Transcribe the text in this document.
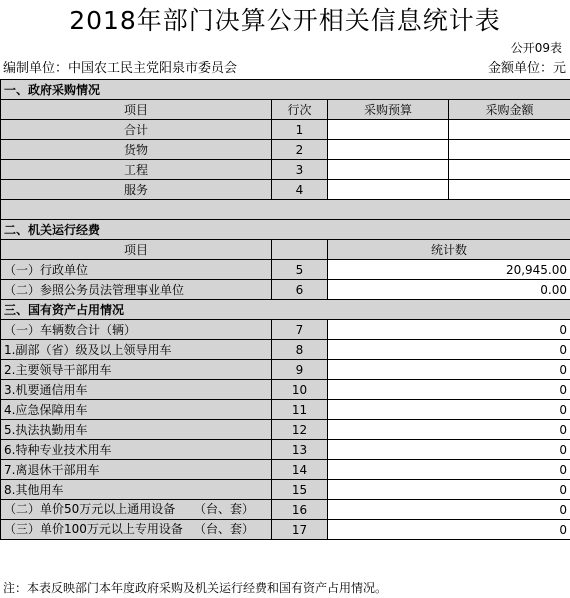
2018年部门决算公开相关信息统计表
公开09表
编制单位：中国农工民主党阳泉市委员会	金额单位：元
一、政府采购情况			
项目	行次	采购预算	采购金额
合计	1		
货物	2		
工程	3		
服务	4		

二、机关运行经费			
项目		统计数	
（一）行政单位	5	20,945.00	
（二）参照公务员法管理事业单位	6	0.00	
三、国有资产占用情况			
（一）车辆数合计（辆）	7	0	
1.副部（省）级及以上领导用车	8	0	
2.主要领导干部用车	9	0	
3.机要通信用车	10	0	
4.应急保障用车	11	0	
5.执法执勤用车	12	0	
6.特种专业技术用车	13	0	
7.离退休干部用车	14	0	
8.其他用车	15	0	
（二）单价50万元以上通用设备 （台、套）	16	0	
（三）单价100万元以上专用设备 （台、套）	17	0	
注：本表反映部门本年度政府采购及机关运行经费和国有资产占用情况。
